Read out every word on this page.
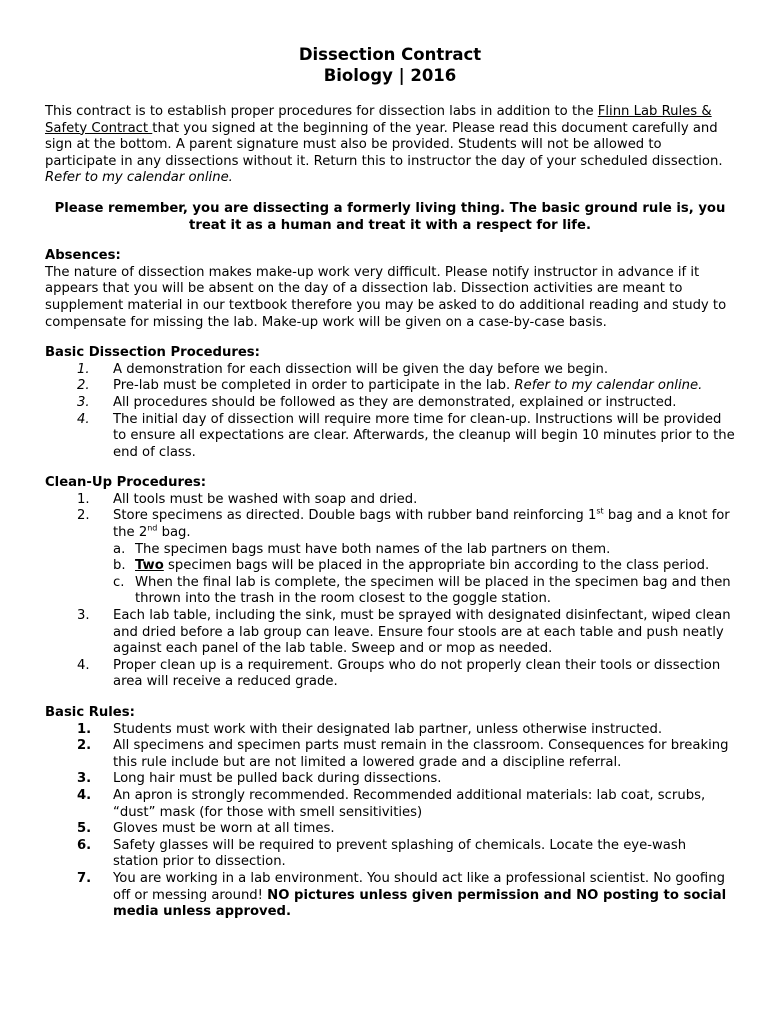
Dissection Contract
Biology | 2016

This contract is to establish proper procedures for dissection labs in addition to the Flinn Lab Rules & Safety Contract that you signed at the beginning of the year. Please read this document carefully and sign at the bottom. A parent signature must also be provided. Students will not be allowed to participate in any dissections without it. Return this to instructor the day of your scheduled dissection. Refer to my calendar online.

Please remember, you are dissecting a formerly living thing. The basic ground rule is, you treat it as a human and treat it with a respect for life.

Absences:

The nature of dissection makes make-up work very difficult. Please notify instructor in advance if it appears that you will be absent on the day of a dissection lab. Dissection activities are meant to supplement material in our textbook therefore you may be asked to do additional reading and study to compensate for missing the lab. Make-up work will be given on a case-by-case basis.

Basic Dissection Procedures:
1.	A demonstration for each dissection will be given the day before we begin.
2.	Pre-lab must be completed in order to participate in the lab. Refer to my calendar online.
3.	All procedures should be followed as they are demonstrated, explained or instructed.
4.	The initial day of dissection will require more time for clean-up. Instructions will be provided to ensure all expectations are clear. Afterwards, the cleanup will begin 10 minutes prior to the end of class.
Clean-Up Procedures:
1.	All tools must be washed with soap and dried.
2.	Store specimens as directed. Double bags with rubber band reinforcing 1st bag and a knot for the 2nd bag.
a. The specimen bags must have both names of the lab partners on them.
b. Two specimen bags will be placed in the appropriate bin according to the class period.
c. When the final lab is complete, the specimen will be placed in the specimen bag and then thrown into the trash in the room closest to the goggle station.
3.	Each lab table, including the sink, must be sprayed with designated disinfectant, wiped clean and dried before a lab group can leave. Ensure four stools are at each table and push neatly against each panel of the lab table. Sweep and or mop as needed.
4.	Proper clean up is a requirement. Groups who do not properly clean their tools or dissection area will receive a reduced grade.
Basic Rules:
1.	Students must work with their designated lab partner, unless otherwise instructed.
2.	All specimens and specimen parts must remain in the classroom. Consequences for breaking this rule include but are not limited a lowered grade and a discipline referral.
3.	Long hair must be pulled back during dissections.
4.	An apron is strongly recommended. Recommended additional materials: lab coat, scrubs, “dust” mask (for those with smell sensitivities)
5.	Gloves must be worn at all times.
6.	Safety glasses will be required to prevent splashing of chemicals. Locate the eye-wash station prior to dissection.
7.	You are working in a lab environment. You should act like a professional scientist. No goofing off or messing around! NO pictures unless given permission and NO posting to social media unless approved.
